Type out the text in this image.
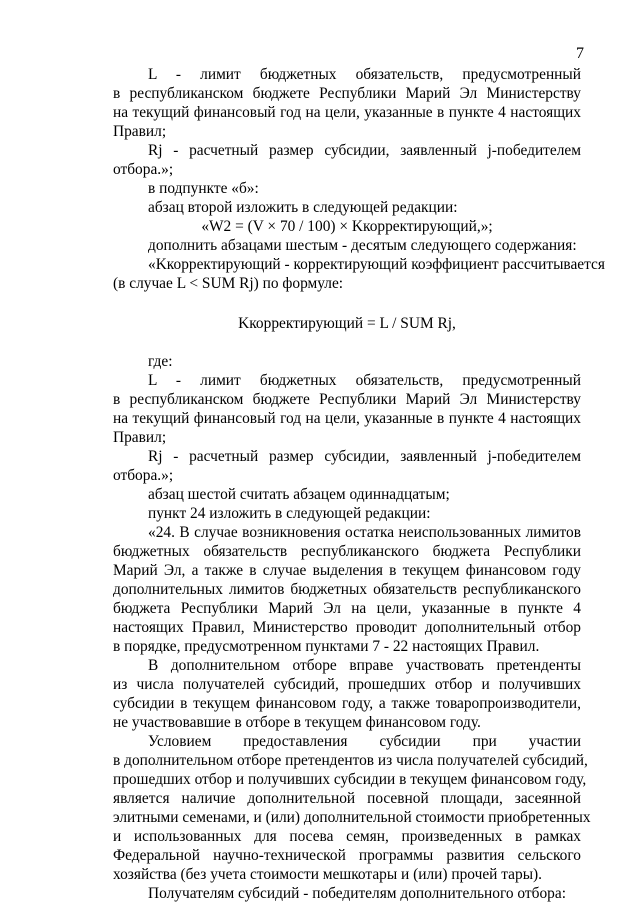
7
L - лимит бюджетных обязательств, предусмотренный
в республиканском бюджете Республики Марий Эл Министерству
на текущий финансовый год на цели, указанные в пункте 4 настоящих
Правил;
Rj - расчетный размер субсидии, заявленный j-победителем
отбора.»;
в подпункте «б»:
абзац второй изложить в следующей редакции:
«W2 = (V × 70 / 100) × Kкорректирующий,»;
дополнить абзацами шестым - десятым следующего содержания:
«Kкорректирующий - корректирующий коэффициент рассчитывается
(в случае L < SUM Rj) по формуле:
Kкорректирующий = L / SUM Rj,
где:
L - лимит бюджетных обязательств, предусмотренный
в республиканском бюджете Республики Марий Эл Министерству
на текущий финансовый год на цели, указанные в пункте 4 настоящих
Правил;
Rj - расчетный размер субсидии, заявленный j-победителем
отбора.»;
абзац шестой считать абзацем одиннадцатым;
пункт 24 изложить в следующей редакции:
«24. В случае возникновения остатка неиспользованных лимитов
бюджетных обязательств республиканского бюджета Республики
Марий Эл, а также в случае выделения в текущем финансовом году
дополнительных лимитов бюджетных обязательств республиканского
бюджета Республики Марий Эл на цели, указанные в пункте 4
настоящих Правил, Министерство проводит дополнительный отбор
в порядке, предусмотренном пунктами 7 - 22 настоящих Правил.
В дополнительном отборе вправе участвовать претенденты
из числа получателей субсидий, прошедших отбор и получивших
субсидии в текущем финансовом году, а также товаропроизводители,
не участвовавшие в отборе в текущем финансовом году.
Условием предоставления субсидии при участии
в дополнительном отборе претендентов из числа получателей субсидий,
прошедших отбор и получивших субсидии в текущем финансовом году,
является наличие дополнительной посевной площади, засеянной
элитными семенами, и (или) дополнительной стоимости приобретенных
и использованных для посева семян, произведенных в рамках
Федеральной научно-технической программы развития сельского
хозяйства (без учета стоимости мешкотары и (или) прочей тары).
Получателям субсидий - победителям дополнительного отбора:
